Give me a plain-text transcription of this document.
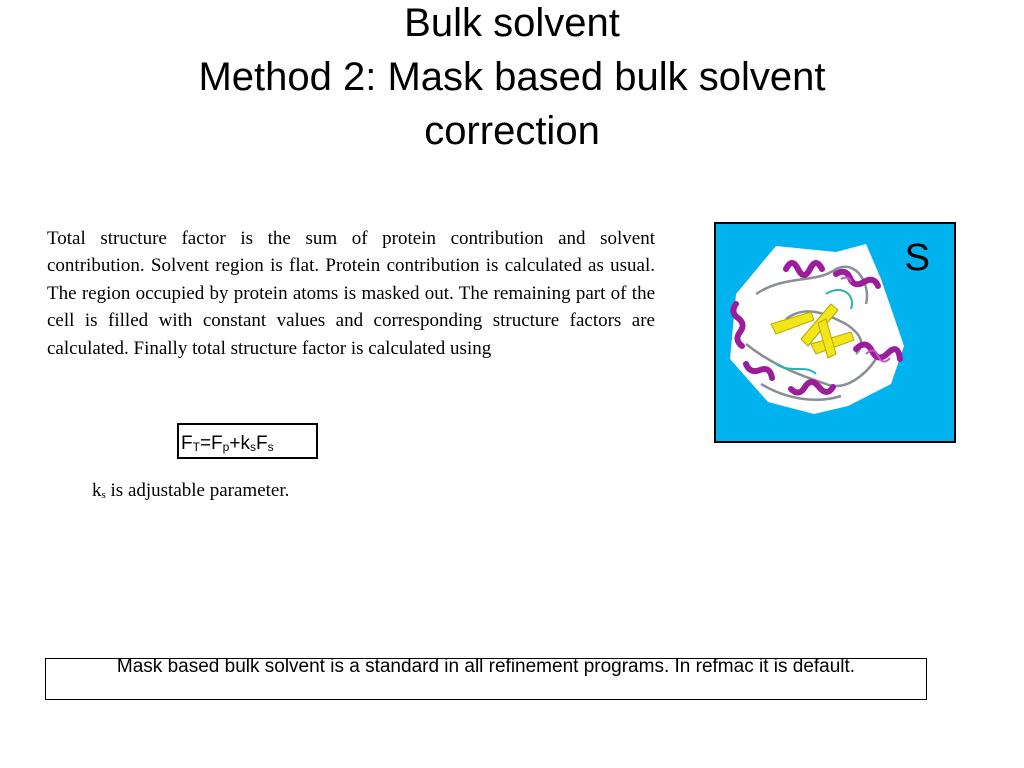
Bulk solvent
Method 2: Mask based bulk solvent
correction

Total structure factor is the sum of protein contribution and solvent contribution. Solvent region is flat. Protein contribution is calculated as usual. The region occupied by protein atoms is masked out. The remaining part of the cell is filled with constant values and corresponding structure factors are calculated. Finally total structure factor is calculated using

$F_T=F_p+k_sF_s$

$k_s$ is adjustable parameter.

S
Mask based bulk solvent is a standard in all refinement programs. In refmac it is default.
